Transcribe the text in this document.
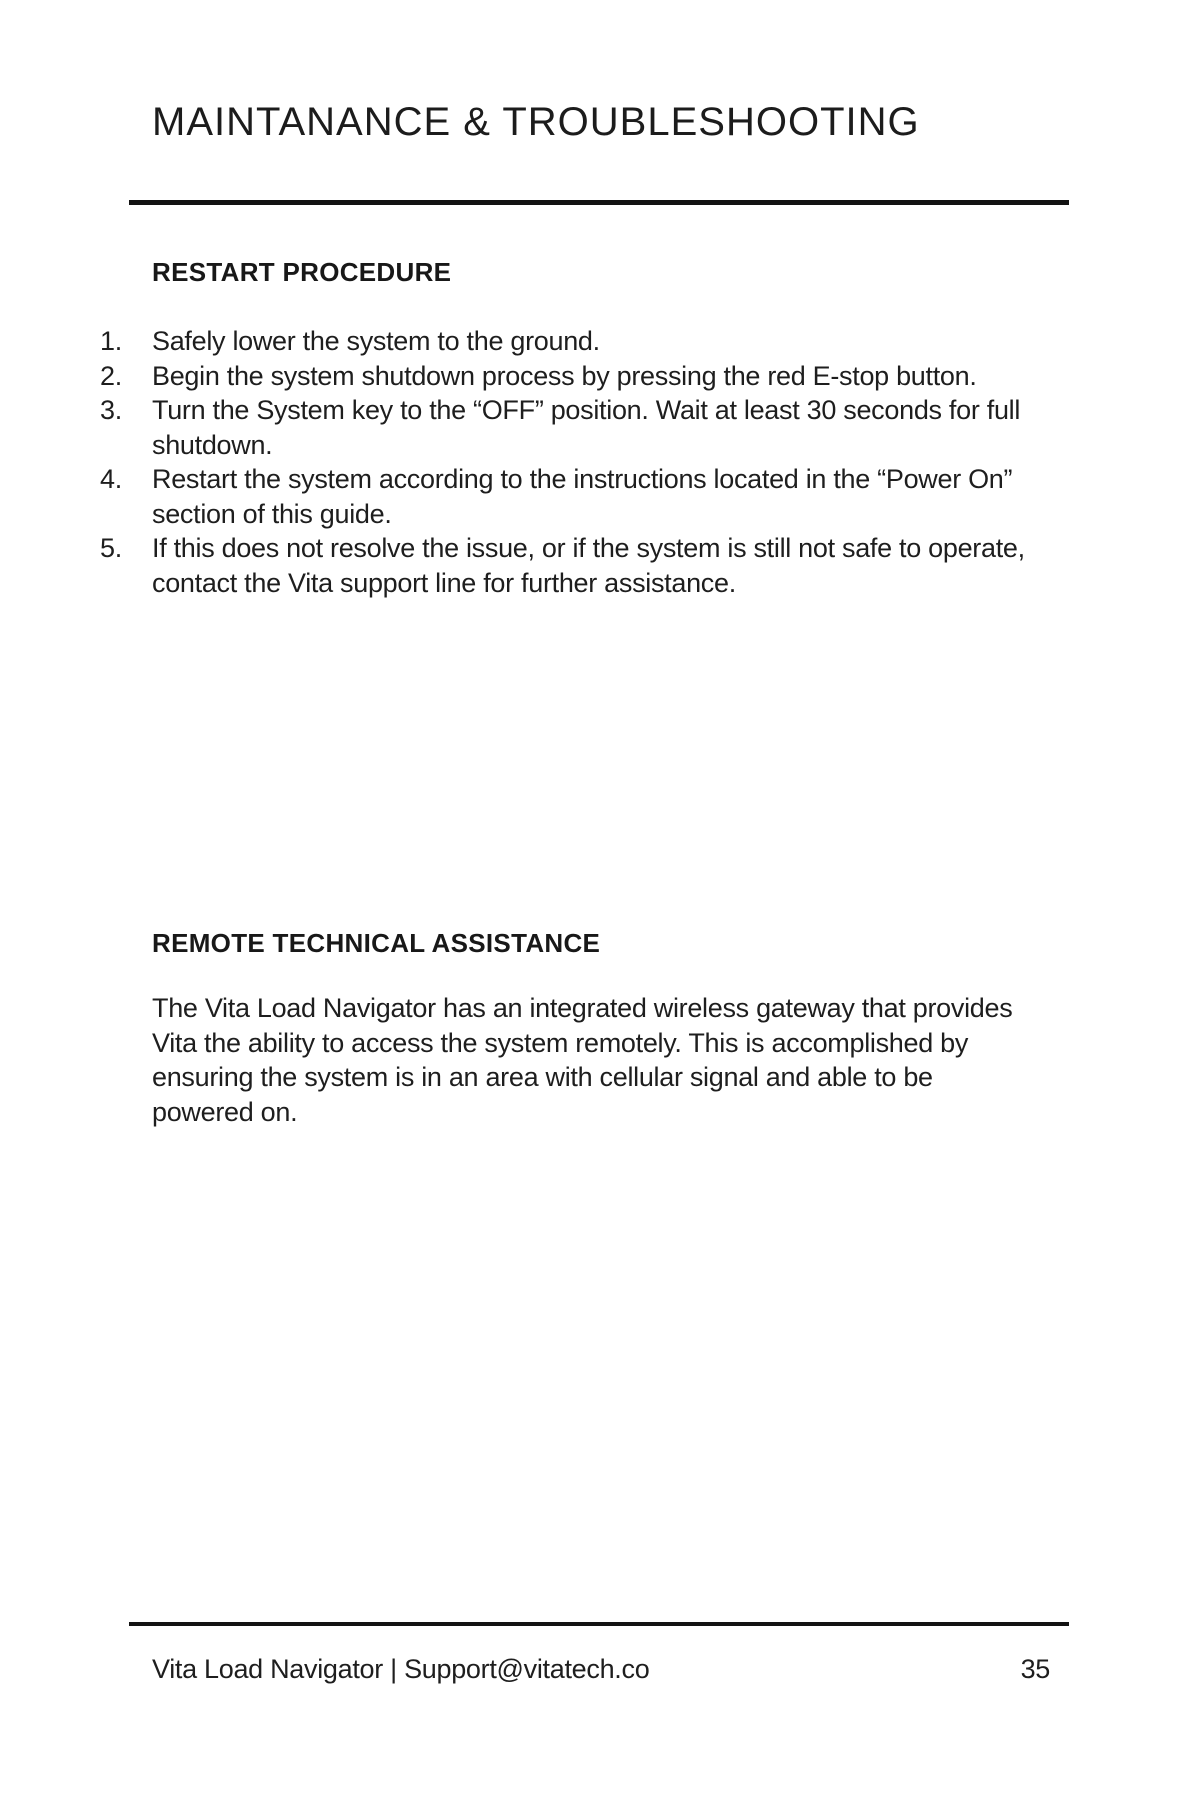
MAINTANANCE & TROUBLESHOOTING
RESTART PROCEDURE
1.	Safely lower the system to the ground.
2.	Begin the system shutdown process by pressing the red E-stop button.
3.	Turn the System key to the “OFF” position. Wait at least 30 seconds for full shutdown.
4.	Restart the system according to the instructions located in the “Power On” section of this guide.
5.	If this does not resolve the issue, or if the system is still not safe to operate, contact the Vita support line for further assistance.
REMOTE TECHNICAL ASSISTANCE

The Vita Load Navigator has an integrated wireless gateway that provides Vita the ability to access the system remotely. This is accomplished by ensuring the system is in an area with cellular signal and able to be powered on.

Vita Load Navigator | Support@vitatech.co	35
